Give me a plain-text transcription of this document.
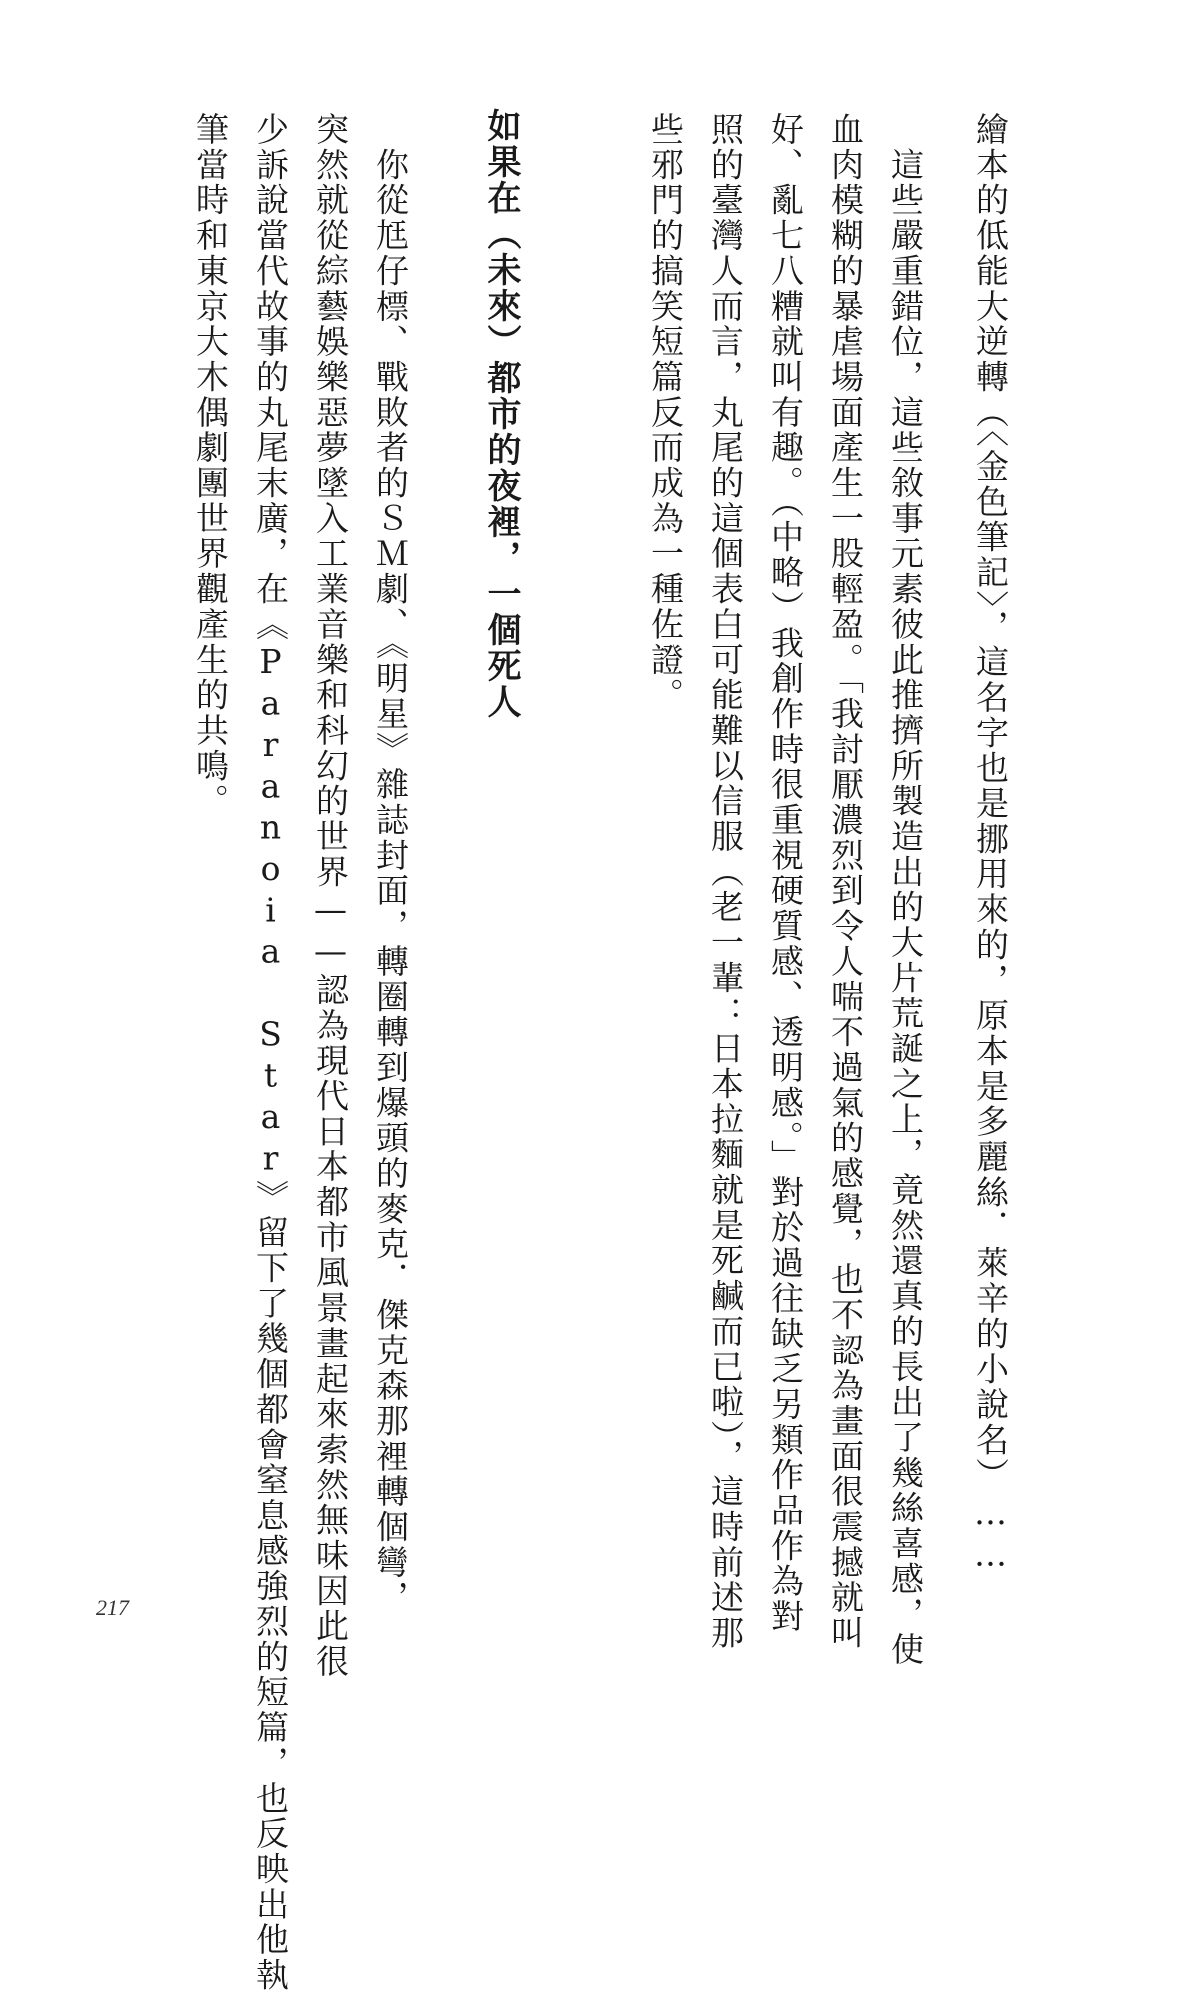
繪本的低能大逆轉（〈金色筆記〉，這名字也是挪用來的，原本是多麗絲．萊辛的小說名）……
　這些嚴重錯位，這些敘事元素彼此推擠所製造出的大片荒誕之上，竟然還真的長出了幾絲喜感，使
血肉模糊的暴虐場面產生一股輕盈。「我討厭濃烈到令人喘不過氣的感覺，也不認為畫面很震撼就叫
好、亂七八糟就叫有趣。（中略）我創作時很重視硬質感、透明感。」對於過往缺乏另類作品作為對
照的臺灣人而言，丸尾的這個表白可能難以信服（老一輩：日本拉麵就是死鹹而已啦），這時前述那
些邪門的搞笑短篇反而成為一種佐證。
如果在（未來）都市的夜裡，一個死人
　你從尪仔標、戰敗者的ＳＭ劇、《明星》雜誌封面，轉圈轉到爆頭的麥克．傑克森那裡轉個彎，
突然就從綜藝娛樂惡夢墜入工業音樂和科幻的世界——認為現代日本都市風景畫起來索然無味因此很
少訴說當代故事的丸尾末廣，在《Paranoia Star》留下了幾個都會窒息感強烈的短篇，也反映出他執
筆當時和東京大木偶劇團世界觀產生的共鳴。
217
